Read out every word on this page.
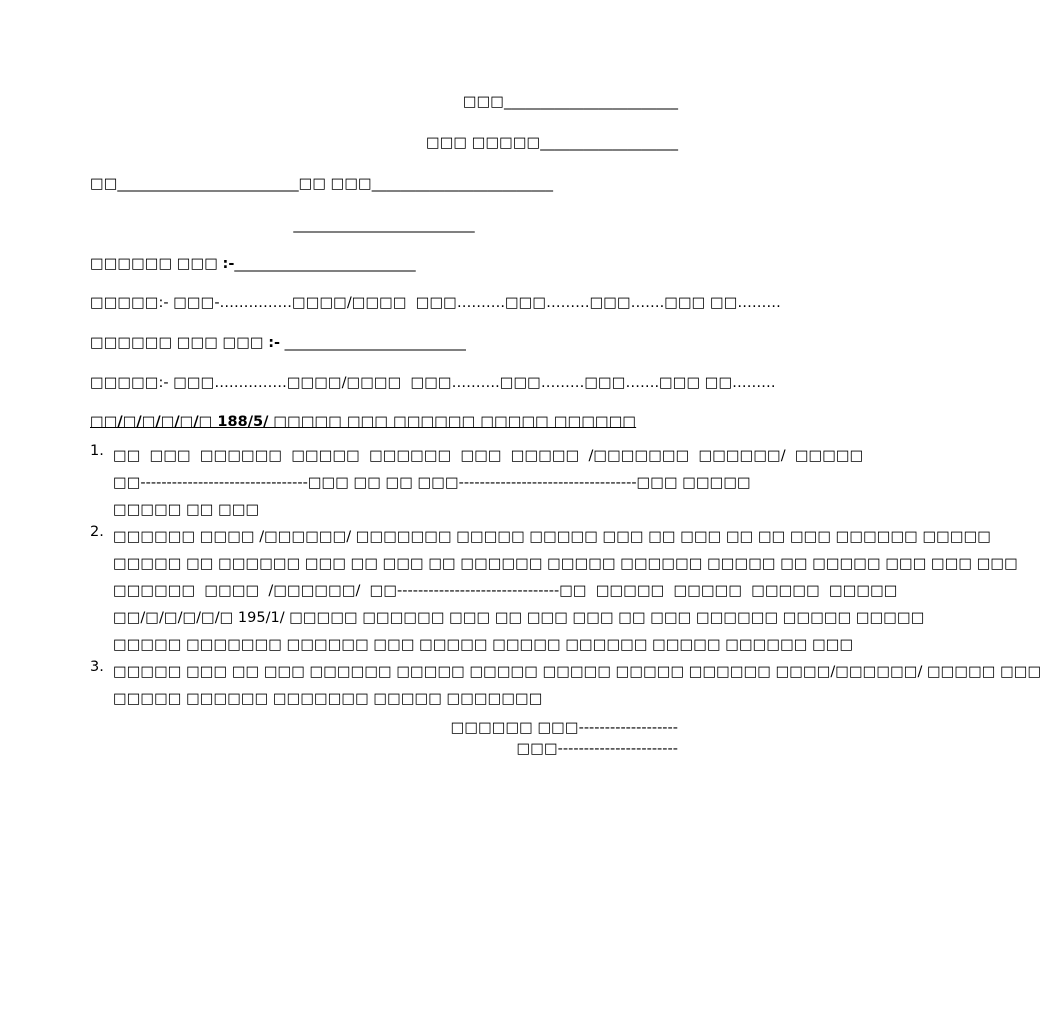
□□□________________________
□□□ □□□□□___________________
□□_________________________□□ □□□_________________________
_________________________
□□□□□□ □□□ :-_________________________
□□□□□:- □□□-……………□□□□/□□□□  □□□……….□□□………□□□…….□□□ □□………
□□□□□□ □□□ □□□ :- _________________________
□□□□□:- □□□……………□□□□/□□□□  □□□……….□□□………□□□…….□□□ □□………
□□/□/□/□/□/□ 188/5/ □□□□□ □□□ □□□□□□ □□□□□ □□□□□□
1. □□  □□□  □□□□□□  □□□□□  □□□□□□  □□□  □□□□□  /□□□□□□□  □□□□□□/  □□□□□
□□--------------------------------□□□ □□ □□ □□□----------------------------------□□□ □□□□□
□□□□□ □□ □□□
2. □□□□□□ □□□□ /□□□□□□/ □□□□□□□ □□□□□ □□□□□ □□□ □□ □□□ □□ □□ □□□ □□□□□□ □□□□□
□□□□□ □□ □□□□□□ □□□ □□ □□□ □□ □□□□□□ □□□□□ □□□□□□ □□□□□ □□ □□□□□ □□□ □□□ □□□
□□□□□□  □□□□  /□□□□□□/  □□-------------------------------□□  □□□□□  □□□□□  □□□□□  □□□□□
□□/□/□/□/□/□ 195/1/ □□□□□ □□□□□□ □□□ □□ □□□ □□□ □□ □□□ □□□□□□ □□□□□ □□□□□
□□□□□ □□□□□□□ □□□□□□ □□□ □□□□□ □□□□□ □□□□□□ □□□□□ □□□□□□ □□□
3. □□□□□ □□□ □□ □□□ □□□□□□ □□□□□ □□□□□ □□□□□ □□□□□ □□□□□□ □□□□/□□□□□□/ □□□□□ □□□
□□□□□ □□□□□□ □□□□□□□ □□□□□ □□□□□□□
□□□□□□ □□□-------------------
□□□-----------------------
